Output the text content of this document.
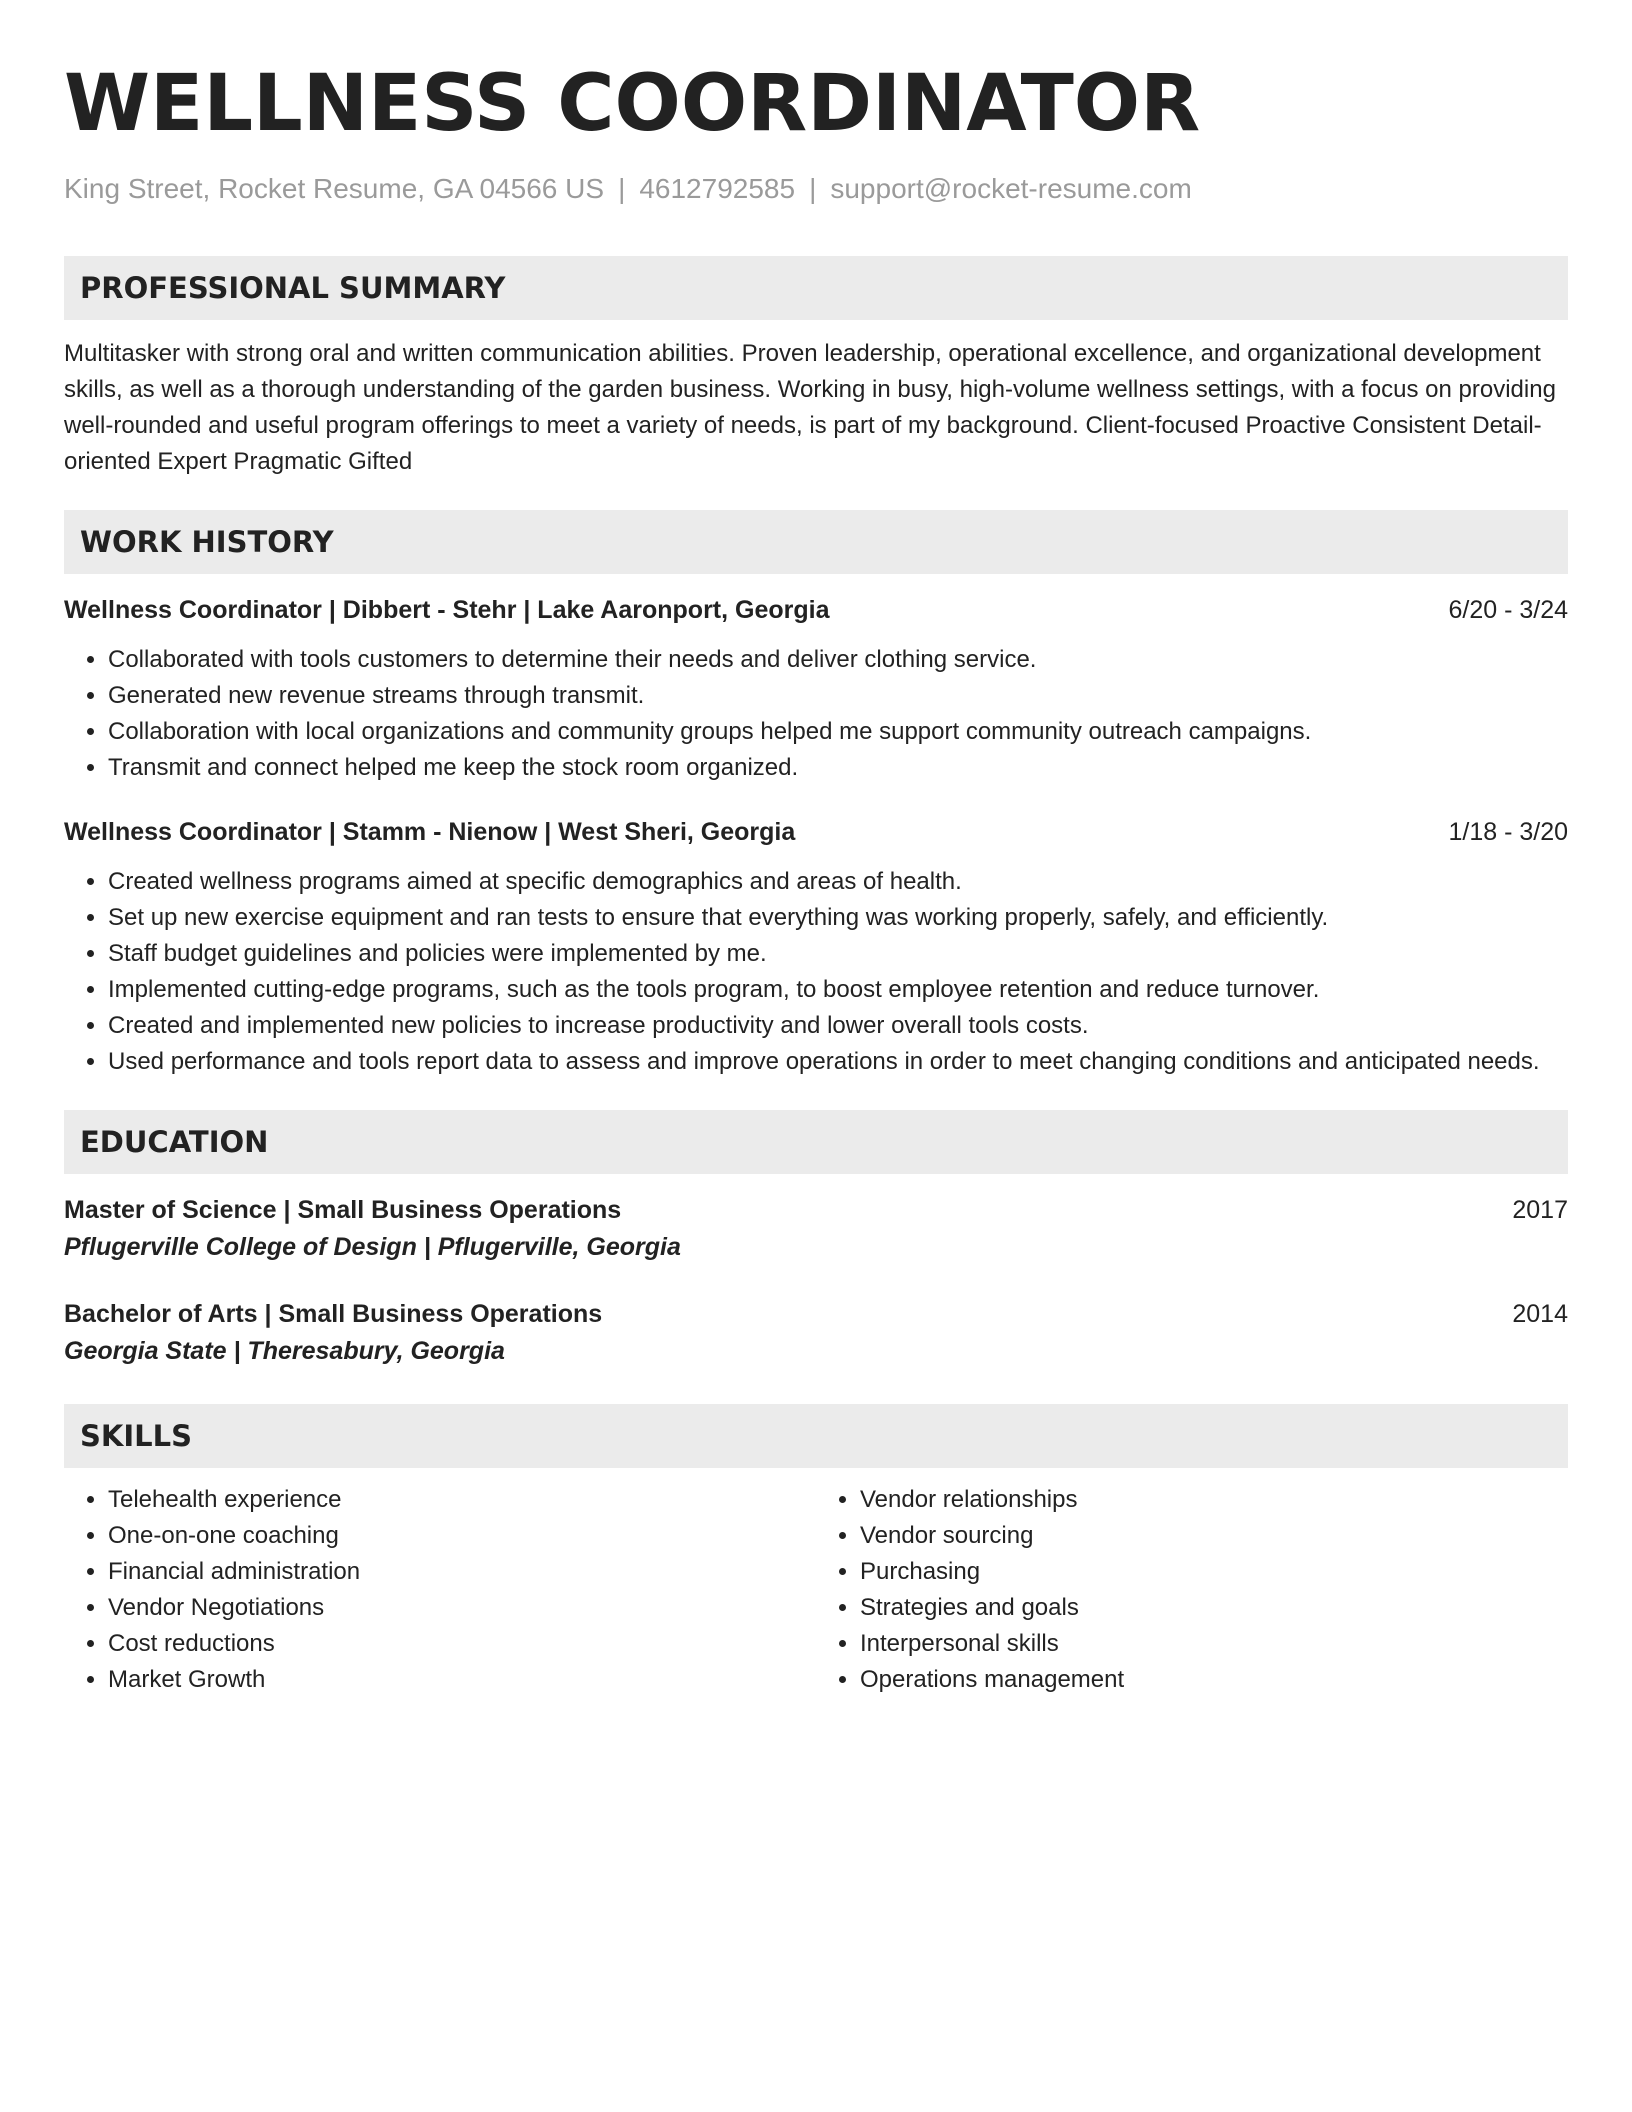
WELLNESS COORDINATOR
King Street, Rocket Resume, GA 04566 US | 4612792585 | support@rocket-resume.com
PROFESSIONAL SUMMARY

Multitasker with strong oral and written communication abilities. Proven leadership, operational excellence, and organizational development skills, as well as a thorough understanding of the garden business. Working in busy, high-volume wellness settings, with a focus on providing well-rounded and useful program offerings to meet a variety of needs, is part of my background. Client-focused Proactive Consistent Detail-oriented Expert Pragmatic Gifted

WORK HISTORY
Wellness Coordinator | Dibbert - Stehr | Lake Aaronport, Georgia	6/20 - 3/24
• Collaborated with tools customers to determine their needs and deliver clothing service.
• Generated new revenue streams through transmit.
• Collaboration with local organizations and community groups helped me support community outreach campaigns.
• Transmit and connect helped me keep the stock room organized.
Wellness Coordinator | Stamm - Nienow | West Sheri, Georgia	1/18 - 3/20
• Created wellness programs aimed at specific demographics and areas of health.
• Set up new exercise equipment and ran tests to ensure that everything was working properly, safely, and efficiently.
• Staff budget guidelines and policies were implemented by me.
• Implemented cutting-edge programs, such as the tools program, to boost employee retention and reduce turnover.
• Created and implemented new policies to increase productivity and lower overall tools costs.
• Used performance and tools report data to assess and improve operations in order to meet changing conditions and anticipated needs.
EDUCATION
Master of Science | Small Business Operations	2017
Pflugerville College of Design | Pflugerville, Georgia
Bachelor of Arts | Small Business Operations	2014
Georgia State | Theresabury, Georgia
SKILLS
• Telehealth experience
• One-on-one coaching
• Financial administration
• Vendor Negotiations
• Cost reductions
• Market Growth
• Vendor relationships
• Vendor sourcing
• Purchasing
• Strategies and goals
• Interpersonal skills
• Operations management
